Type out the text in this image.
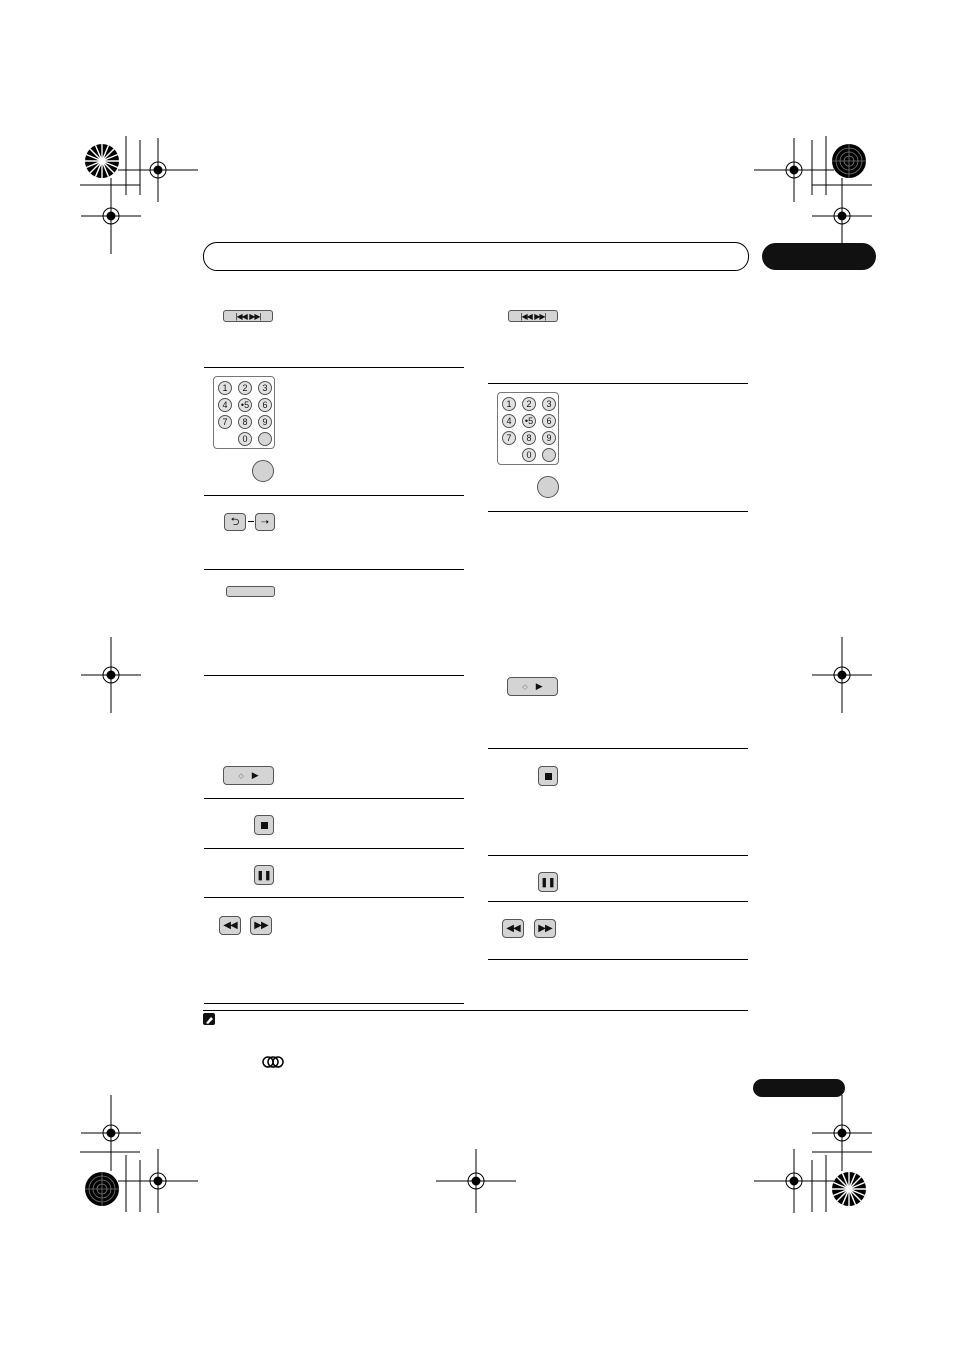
|◀◀  ▶▶|
1	2	3
4	•5	6
7	8	9
0
⮌ ➝
◇ ▶
❚❚
◀◀ ▶▶
|◀◀  ▶▶|
1	2	3
4	•5	6
7	8	9
0
◇ ▶
❚❚
◀◀ ▶▶
